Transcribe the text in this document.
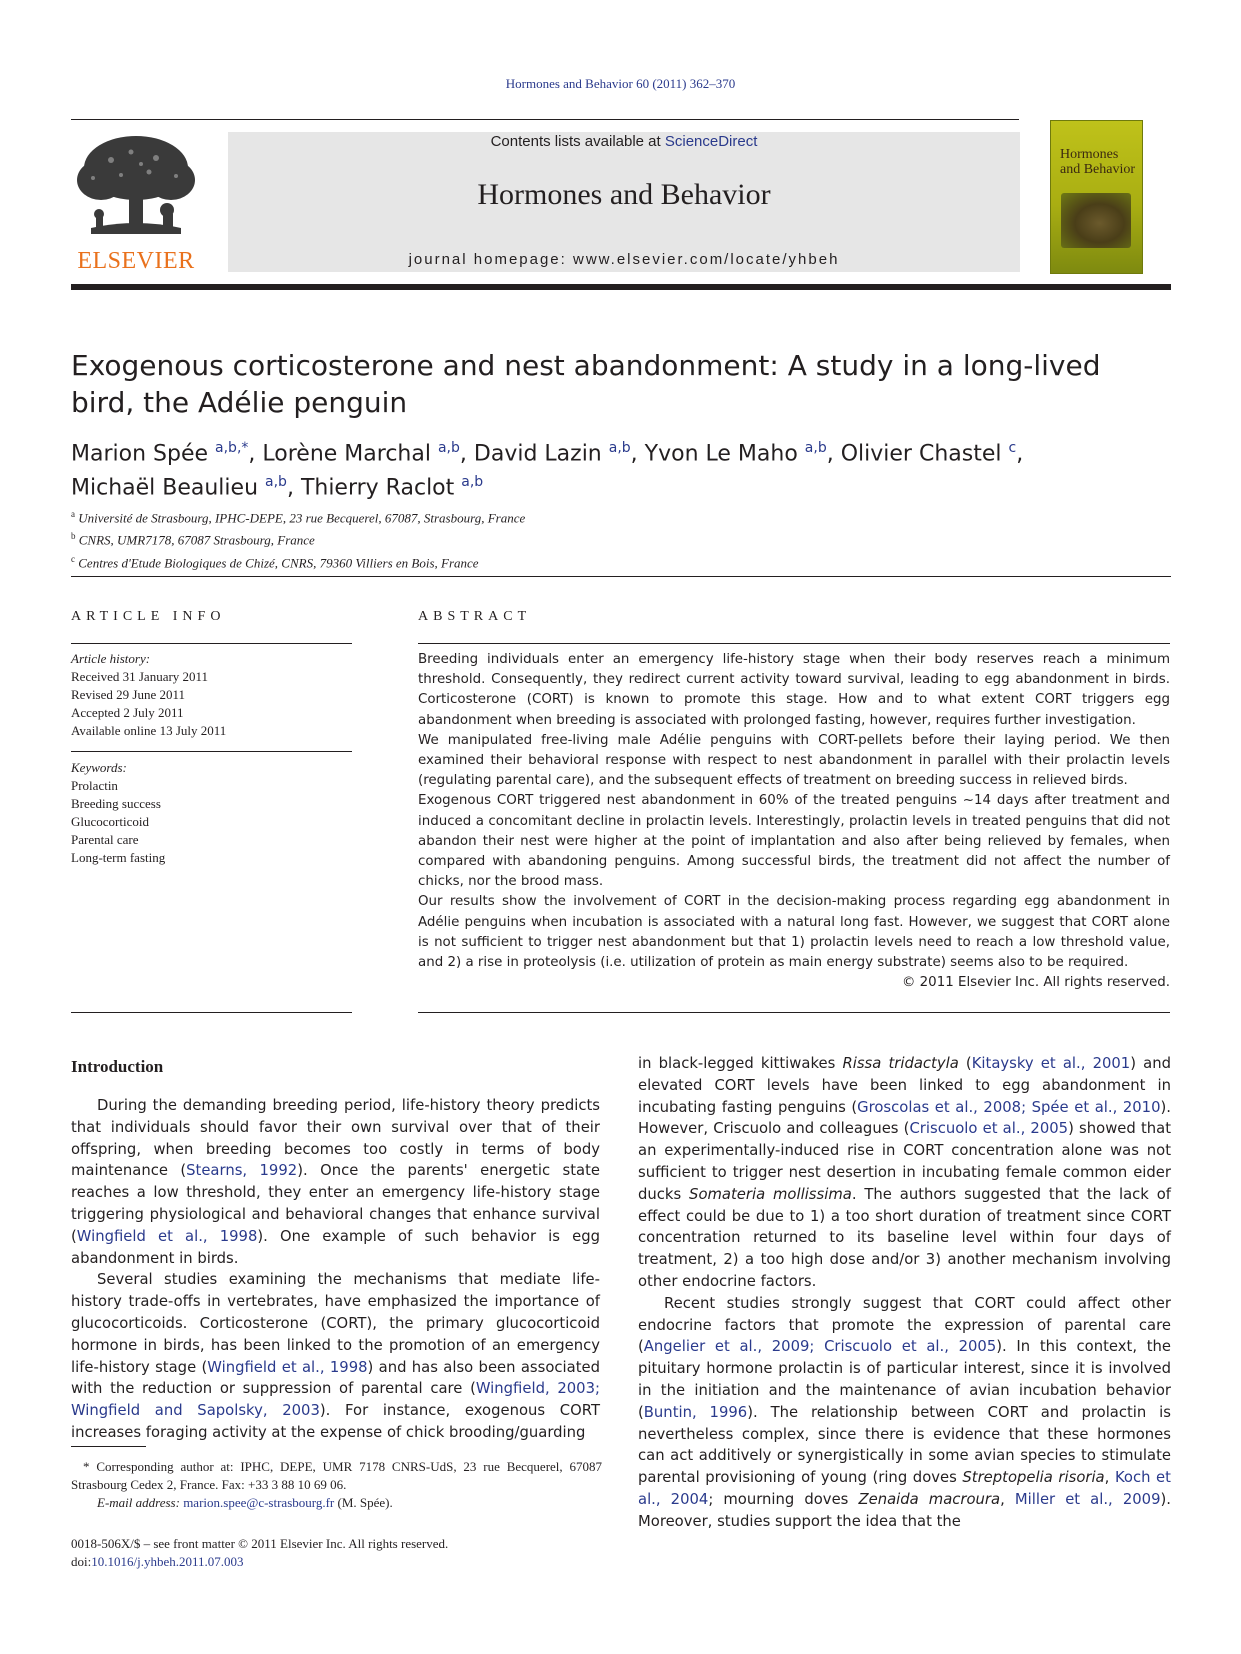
Hormones and Behavior 60 (2011) 362–370
ELSEVIER
Contents lists available at ScienceDirect
Hormones and Behavior
journal homepage: www.elsevier.com/locate/yhbeh
Hormones
and Behavior
Exogenous corticosterone and nest abandonment: A study in a long-lived bird, the Adélie penguin
Marion Spée $^{a,b,*}$, Lorène Marchal $^{a,b}$, David Lazin $^{a,b}$, Yvon Le Maho $^{a,b}$, Olivier Chastel $^c$,
Michaël Beaulieu $^{a,b}$, Thierry Raclot $^{a,b}$
$^a$ Université de Strasbourg, IPHC-DEPE, 23 rue Becquerel, 67087, Strasbourg, France
$^b$ CNRS, UMR7178, 67087 Strasbourg, France
$^c$ Centres d'Etude Biologiques de Chizé, CNRS, 79360 Villiers en Bois, France
ARTICLE INFO
Article history:
Received 31 January 2011
Revised 29 June 2011
Accepted 2 July 2011
Available online 13 July 2011
Keywords:
Prolactin
Breeding success
Glucocorticoid
Parental care
Long-term fasting
ABSTRACT

Breeding individuals enter an emergency life-history stage when their body reserves reach a minimum threshold. Consequently, they redirect current activity toward survival, leading to egg abandonment in birds. Corticosterone (CORT) is known to promote this stage. How and to what extent CORT triggers egg abandonment when breeding is associated with prolonged fasting, however, requires further investigation.

We manipulated free-living male Adélie penguins with CORT-pellets before their laying period. We then examined their behavioral response with respect to nest abandonment in parallel with their prolactin levels (regulating parental care), and the subsequent effects of treatment on breeding success in relieved birds.

Exogenous CORT triggered nest abandonment in 60% of the treated penguins ~14 days after treatment and induced a concomitant decline in prolactin levels. Interestingly, prolactin levels in treated penguins that did not abandon their nest were higher at the point of implantation and also after being relieved by females, when compared with abandoning penguins. Among successful birds, the treatment did not affect the number of chicks, nor the brood mass.

Our results show the involvement of CORT in the decision-making process regarding egg abandonment in Adélie penguins when incubation is associated with a natural long fast. However, we suggest that CORT alone is not sufficient to trigger nest abandonment but that 1) prolactin levels need to reach a low threshold value, and 2) a rise in proteolysis (i.e. utilization of protein as main energy substrate) seems also to be required.

© 2011 Elsevier Inc. All rights reserved.

Introduction

During the demanding breeding period, life-history theory predicts that individuals should favor their own survival over that of their offspring, when breeding becomes too costly in terms of body maintenance (Stearns, 1992). Once the parents' energetic state reaches a low threshold, they enter an emergency life-history stage triggering physiological and behavioral changes that enhance survival (Wingfield et al., 1998). One example of such behavior is egg abandonment in birds.

Several studies examining the mechanisms that mediate life-history trade-offs in vertebrates, have emphasized the importance of glucocorticoids. Corticosterone (CORT), the primary glucocorticoid hormone in birds, has been linked to the promotion of an emergency life-history stage (Wingfield et al., 1998) and has also been associated with the reduction or suppression of parental care (Wingfield, 2003; Wingfield and Sapolsky, 2003). For instance, exogenous CORT increases foraging activity at the expense of chick brooding/guarding

in black-legged kittiwakes Rissa tridactyla (Kitaysky et al., 2001) and elevated CORT levels have been linked to egg abandonment in incubating fasting penguins (Groscolas et al., 2008; Spée et al., 2010). However, Criscuolo and colleagues (Criscuolo et al., 2005) showed that an experimentally-induced rise in CORT concentration alone was not sufficient to trigger nest desertion in incubating female common eider ducks Somateria mollissima. The authors suggested that the lack of effect could be due to 1) a too short duration of treatment since CORT concentration returned to its baseline level within four days of treatment, 2) a too high dose and/or 3) another mechanism involving other endocrine factors.

Recent studies strongly suggest that CORT could affect other endocrine factors that promote the expression of parental care (Angelier et al., 2009; Criscuolo et al., 2005). In this context, the pituitary hormone prolactin is of particular interest, since it is involved in the initiation and the maintenance of avian incubation behavior (Buntin, 1996). The relationship between CORT and prolactin is nevertheless complex, since there is evidence that these hormones can act additively or synergistically in some avian species to stimulate parental provisioning of young (ring doves Streptopelia risoria, Koch et al., 2004; mourning doves Zenaida macroura, Miller et al., 2009). Moreover, studies support the idea that the

* Corresponding author at: IPHC, DEPE, UMR 7178 CNRS-UdS, 23 rue Becquerel, 67087 Strasbourg Cedex 2, France. Fax: +33 3 88 10 69 06.
E-mail address: marion.spee@c-strasbourg.fr (M. Spée).
0018-506X/$ – see front matter © 2011 Elsevier Inc. All rights reserved.
doi:10.1016/j.yhbeh.2011.07.003
